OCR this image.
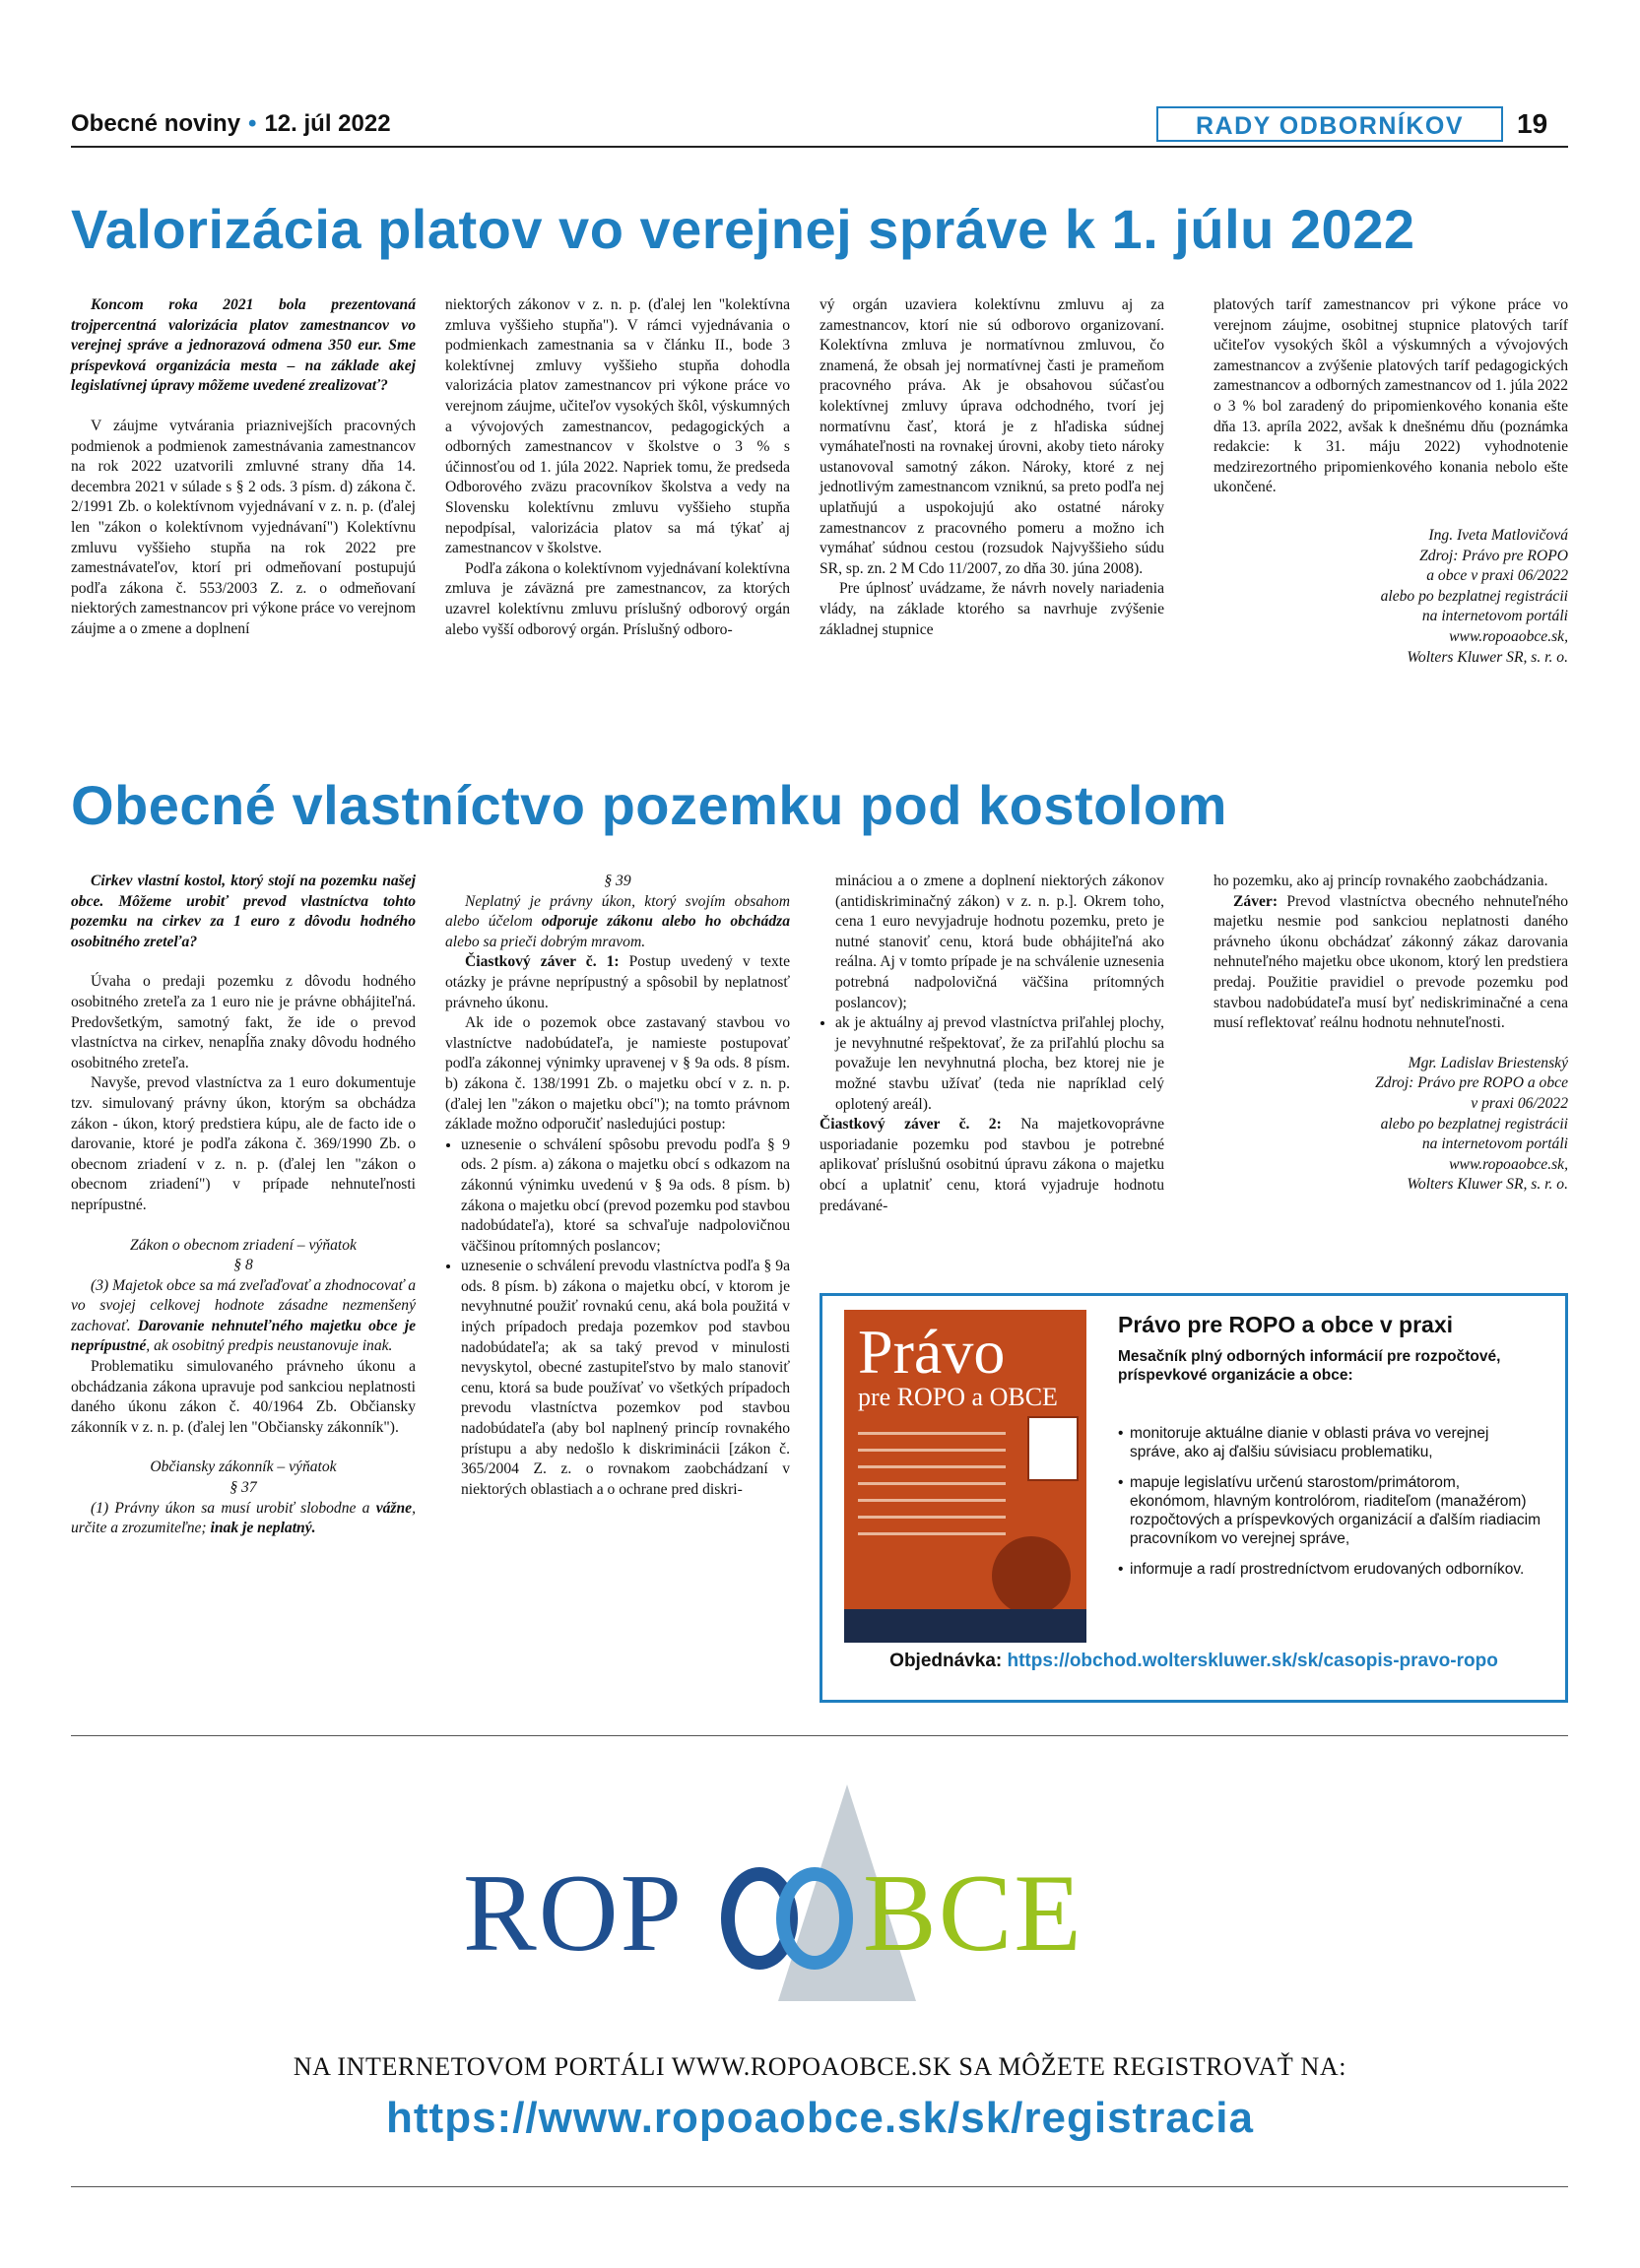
Obecné noviny • 12. júl 2022	RADY ODBORNÍKOV	19
Valorizácia platov vo verejnej správe k 1. júlu 2022

Koncom roka 2021 bola prezentovaná trojpercentná valorizácia platov zamestnancov vo verejnej správe a jednorazová odmena 350 eur. Sme príspevková organizácia mesta – na základe akej legislatívnej úpravy môžeme uvedené zrealizovať?

V záujme vytvárania priaznivejších pracovných podmienok a podmienok zamestnávania zamestnancov na rok 2022 uzatvorili zmluvné strany dňa 14. decembra 2021 v súlade s § 2 ods. 3 písm. d) zákona č. 2/1991 Zb. o kolektívnom vyjednávaní v z. n. p. (ďalej len "zákon o kolektívnom vyjednávaní") Kolektívnu zmluvu vyššieho stupňa na rok 2022 pre zamestnávateľov, ktorí pri odmeňovaní postupujú podľa zákona č. 553/2003 Z. z. o odmeňovaní niektorých zamestnancov pri výkone práce vo verejnom záujme a o zmene a doplnení

niektorých zákonov v z. n. p. (ďalej len "kolektívna zmluva vyššieho stupňa"). V rámci vyjednávania o podmienkach zamestnania sa v článku II., bode 3 kolektívnej zmluvy vyššieho stupňa dohodla valorizácia platov zamestnancov pri výkone práce vo verejnom záujme, učiteľov vysokých škôl, výskumných a vývojových zamestnancov, pedagogických a odborných zamestnancov v školstve o 3 % s účinnosťou od 1. júla 2022. Napriek tomu, že predseda Odborového zväzu pracovníkov školstva a vedy na Slovensku kolektívnu zmluvu vyššieho stupňa nepodpísal, valorizácia platov sa má týkať aj zamestnancov v školstve.

Podľa zákona o kolektívnom vyjednávaní kolektívna zmluva je záväzná pre zamestnancov, za ktorých uzavrel kolektívnu zmluvu príslušný odborový orgán alebo vyšší odborový orgán. Príslušný odboro-

vý orgán uzaviera kolektívnu zmluvu aj za zamestnancov, ktorí nie sú odborovo organizovaní. Kolektívna zmluva je normatívnou zmluvou, čo znamená, že obsah jej normatívnej časti je prameňom pracovného práva. Ak je obsahovou súčasťou kolektívnej zmluvy úprava odchodného, tvorí jej normatívnu časť, ktorá je z hľadiska súdnej vymáhateľnosti na rovnakej úrovni, akoby tieto nároky ustanovoval samotný zákon. Nároky, ktoré z nej jednotlivým zamestnancom vzniknú, sa preto podľa nej uplatňujú a uspokojujú ako ostatné nároky zamestnancov z pracovného pomeru a možno ich vymáhať súdnou cestou (rozsudok Najvyššieho súdu SR, sp. zn. 2 M Cdo 11/2007, zo dňa 30. júna 2008).

Pre úplnosť uvádzame, že návrh novely nariadenia vlády, na základe ktorého sa navrhuje zvýšenie základnej stupnice

platových taríf zamestnancov pri výkone práce vo verejnom záujme, osobitnej stupnice platových taríf učiteľov vysokých škôl a výskumných a vývojových zamestnancov a zvýšenie platových taríf pedagogických zamestnancov a odborných zamestnancov od 1. júla 2022 o 3 % bol zaradený do pripomienkového konania ešte dňa 13. apríla 2022, avšak k dnešnému dňu (poznámka redakcie: k 31. máju 2022) vyhodnotenie medzirezortného pripomienkového konania nebolo ešte ukončené.

Ing. Iveta Matlovičová
Zdroj: Právo pre ROPO
a obce v praxi 06/2022
alebo po bezplatnej registrácii
na internetovom portáli
www.ropoaobce.sk,
Wolters Kluwer SR, s. r. o.

Obecné vlastníctvo pozemku pod kostolom

Cirkev vlastní kostol, ktorý stojí na pozemku našej obce. Môžeme urobiť prevod vlastníctva tohto pozemku na cirkev za 1 euro z dôvodu hodného osobitného zreteľa?

Úvaha o predaji pozemku z dôvodu hodného osobitného zreteľa za 1 euro nie je právne obhájiteľná. Predovšetkým, samotný fakt, že ide o prevod vlastníctva na cirkev, nenapĺňa znaky dôvodu hodného osobitného zreteľa.

Navyše, prevod vlastníctva za 1 euro dokumentuje tzv. simulovaný právny úkon, ktorým sa obchádza zákon - úkon, ktorý predstiera kúpu, ale de facto ide o darovanie, ktoré je podľa zákona č. 369/1990 Zb. o obecnom zriadení v z. n. p. (ďalej len "zákon o obecnom zriadení") v prípade nehnuteľnosti neprípustné.

Zákon o obecnom zriadení – výňatok

§ 8

(3) Majetok obce sa má zveľaďovať a zhodnocovať a vo svojej celkovej hodnote zásadne nezmenšený zachovať. Darovanie nehnuteľného majetku obce je neprípustné, ak osobitný predpis neustanovuje inak.

Problematiku simulovaného právneho úkonu a obchádzania zákona upravuje pod sankciou neplatnosti daného úkonu zákon č. 40/1964 Zb. Občiansky zákonník v z. n. p. (ďalej len "Občiansky zákonník").

Občiansky zákonník – výňatok

§ 37

(1) Právny úkon sa musí urobiť slobodne a vážne, určite a zrozumiteľne; inak je neplatný.

§ 39

Neplatný je právny úkon, ktorý svojím obsahom alebo účelom odporuje zákonu alebo ho obchádza alebo sa prieči dobrým mravom.

Čiastkový záver č. 1: Postup uvedený v texte otázky je právne neprípustný a spôsobil by neplatnosť právneho úkonu.

Ak ide o pozemok obce zastavaný stavbou vo vlastníctve nadobúdateľa, je namieste postupovať podľa zákonnej výnimky upravenej v § 9a ods. 8 písm. b) zákona č. 138/1991 Zb. o majetku obcí v z. n. p. (ďalej len "zákon o majetku obcí"); na tomto právnom základe možno odporučiť nasledujúci postup:

• uznesenie o schválení spôsobu prevodu podľa § 9 ods. 2 písm. a) zákona o majetku obcí s odkazom na zákonnú výnimku uvedenú v § 9a ods. 8 písm. b) zákona o majetku obcí (prevod pozemku pod stavbou nadobúdateľa), ktoré sa schvaľuje nadpolovičnou väčšinou prítomných poslancov;
• uznesenie o schválení prevodu vlastníctva podľa § 9a ods. 8 písm. b) zákona o majetku obcí, v ktorom je nevyhnutné použiť rovnakú cenu, aká bola použitá v iných prípadoch predaja pozemkov pod stavbou nadobúdateľa; ak sa taký prevod v minulosti nevyskytol, obecné zastupiteľstvo by malo stanoviť cenu, ktorá sa bude používať vo všetkých prípadoch prevodu vlastníctva pozemkov pod stavbou nadobúdateľa (aby bol naplnený princíp rovnakého prístupu a aby nedošlo k diskriminácii [zákon č. 365/2004 Z. z. o rovnakom zaobchádzaní v niektorých oblastiach a o ochrane pred diskri-

mináciou a o zmene a doplnení niektorých zákonov (antidiskriminačný zákon) v z. n. p.]. Okrem toho, cena 1 euro nevyjadruje hodnotu pozemku, preto je nutné stanoviť cenu, ktorá bude obhájiteľná ako reálna. Aj v tomto prípade je na schválenie uznesenia potrebná nadpolovičná väčšina prítomných poslancov);

• ak je aktuálny aj prevod vlastníctva priľahlej plochy, je nevyhnutné rešpektovať, že za priľahlú plochu sa považuje len nevyhnutná plocha, bez ktorej nie je možné stavbu užívať (teda nie napríklad celý oplotený areál).

Čiastkový záver č. 2: Na majetkovoprávne usporiadanie pozemku pod stavbou je potrebné aplikovať príslušnú osobitnú úpravu zákona o majetku obcí a uplatniť cenu, ktorá vyjadruje hodnotu predávané-

ho pozemku, ako aj princíp rovnakého zaobchádzania.

Záver: Prevod vlastníctva obecného nehnuteľného majetku nesmie pod sankciou neplatnosti daného právneho úkonu obchádzať zákonný zákaz darovania nehnuteľného majetku obce ukonom, ktorý len predstiera predaj. Použitie pravidiel o prevode pozemku pod stavbou nadobúdateľa musí byť nediskriminačné a cena musí reflektovať reálnu hodnotu nehnuteľnosti.

Mgr. Ladislav Briestenský
Zdroj: Právo pre ROPO a obce
v praxi 06/2022
alebo po bezplatnej registrácii
na internetovom portáli
www.ropoaobce.sk,
Wolters Kluwer SR, s. r. o.

Právo
pre ROPO a OBCE
Právo pre ROPO a obce v praxi
Mesačník plný odborných informácií pre rozpočtové, príspevkové organizácie a obce:
• monitoruje aktuálne dianie v oblasti práva vo verejnej správe, ako aj ďalšiu súvisiacu problematiku,
• mapuje legislatívu určenú starostom/primátorom, ekonómom, hlavným kontrolórom, riaditeľom (manažérom) rozpočtových a príspevkových organizácií a ďalším riadiacim pracovníkom vo verejnej správe,
• informuje a radí prostredníctvom erudovaných odborníkov.
Objednávka: https://obchod.wolterskluwer.sk/sk/casopis-pravo-ropo
ROP BCE
NA INTERNETOVOM PORTÁLI WWW.ROPOAOBCE.SK SA MÔŽETE REGISTROVAŤ NA:
https://www.ropoaobce.sk/sk/registracia
